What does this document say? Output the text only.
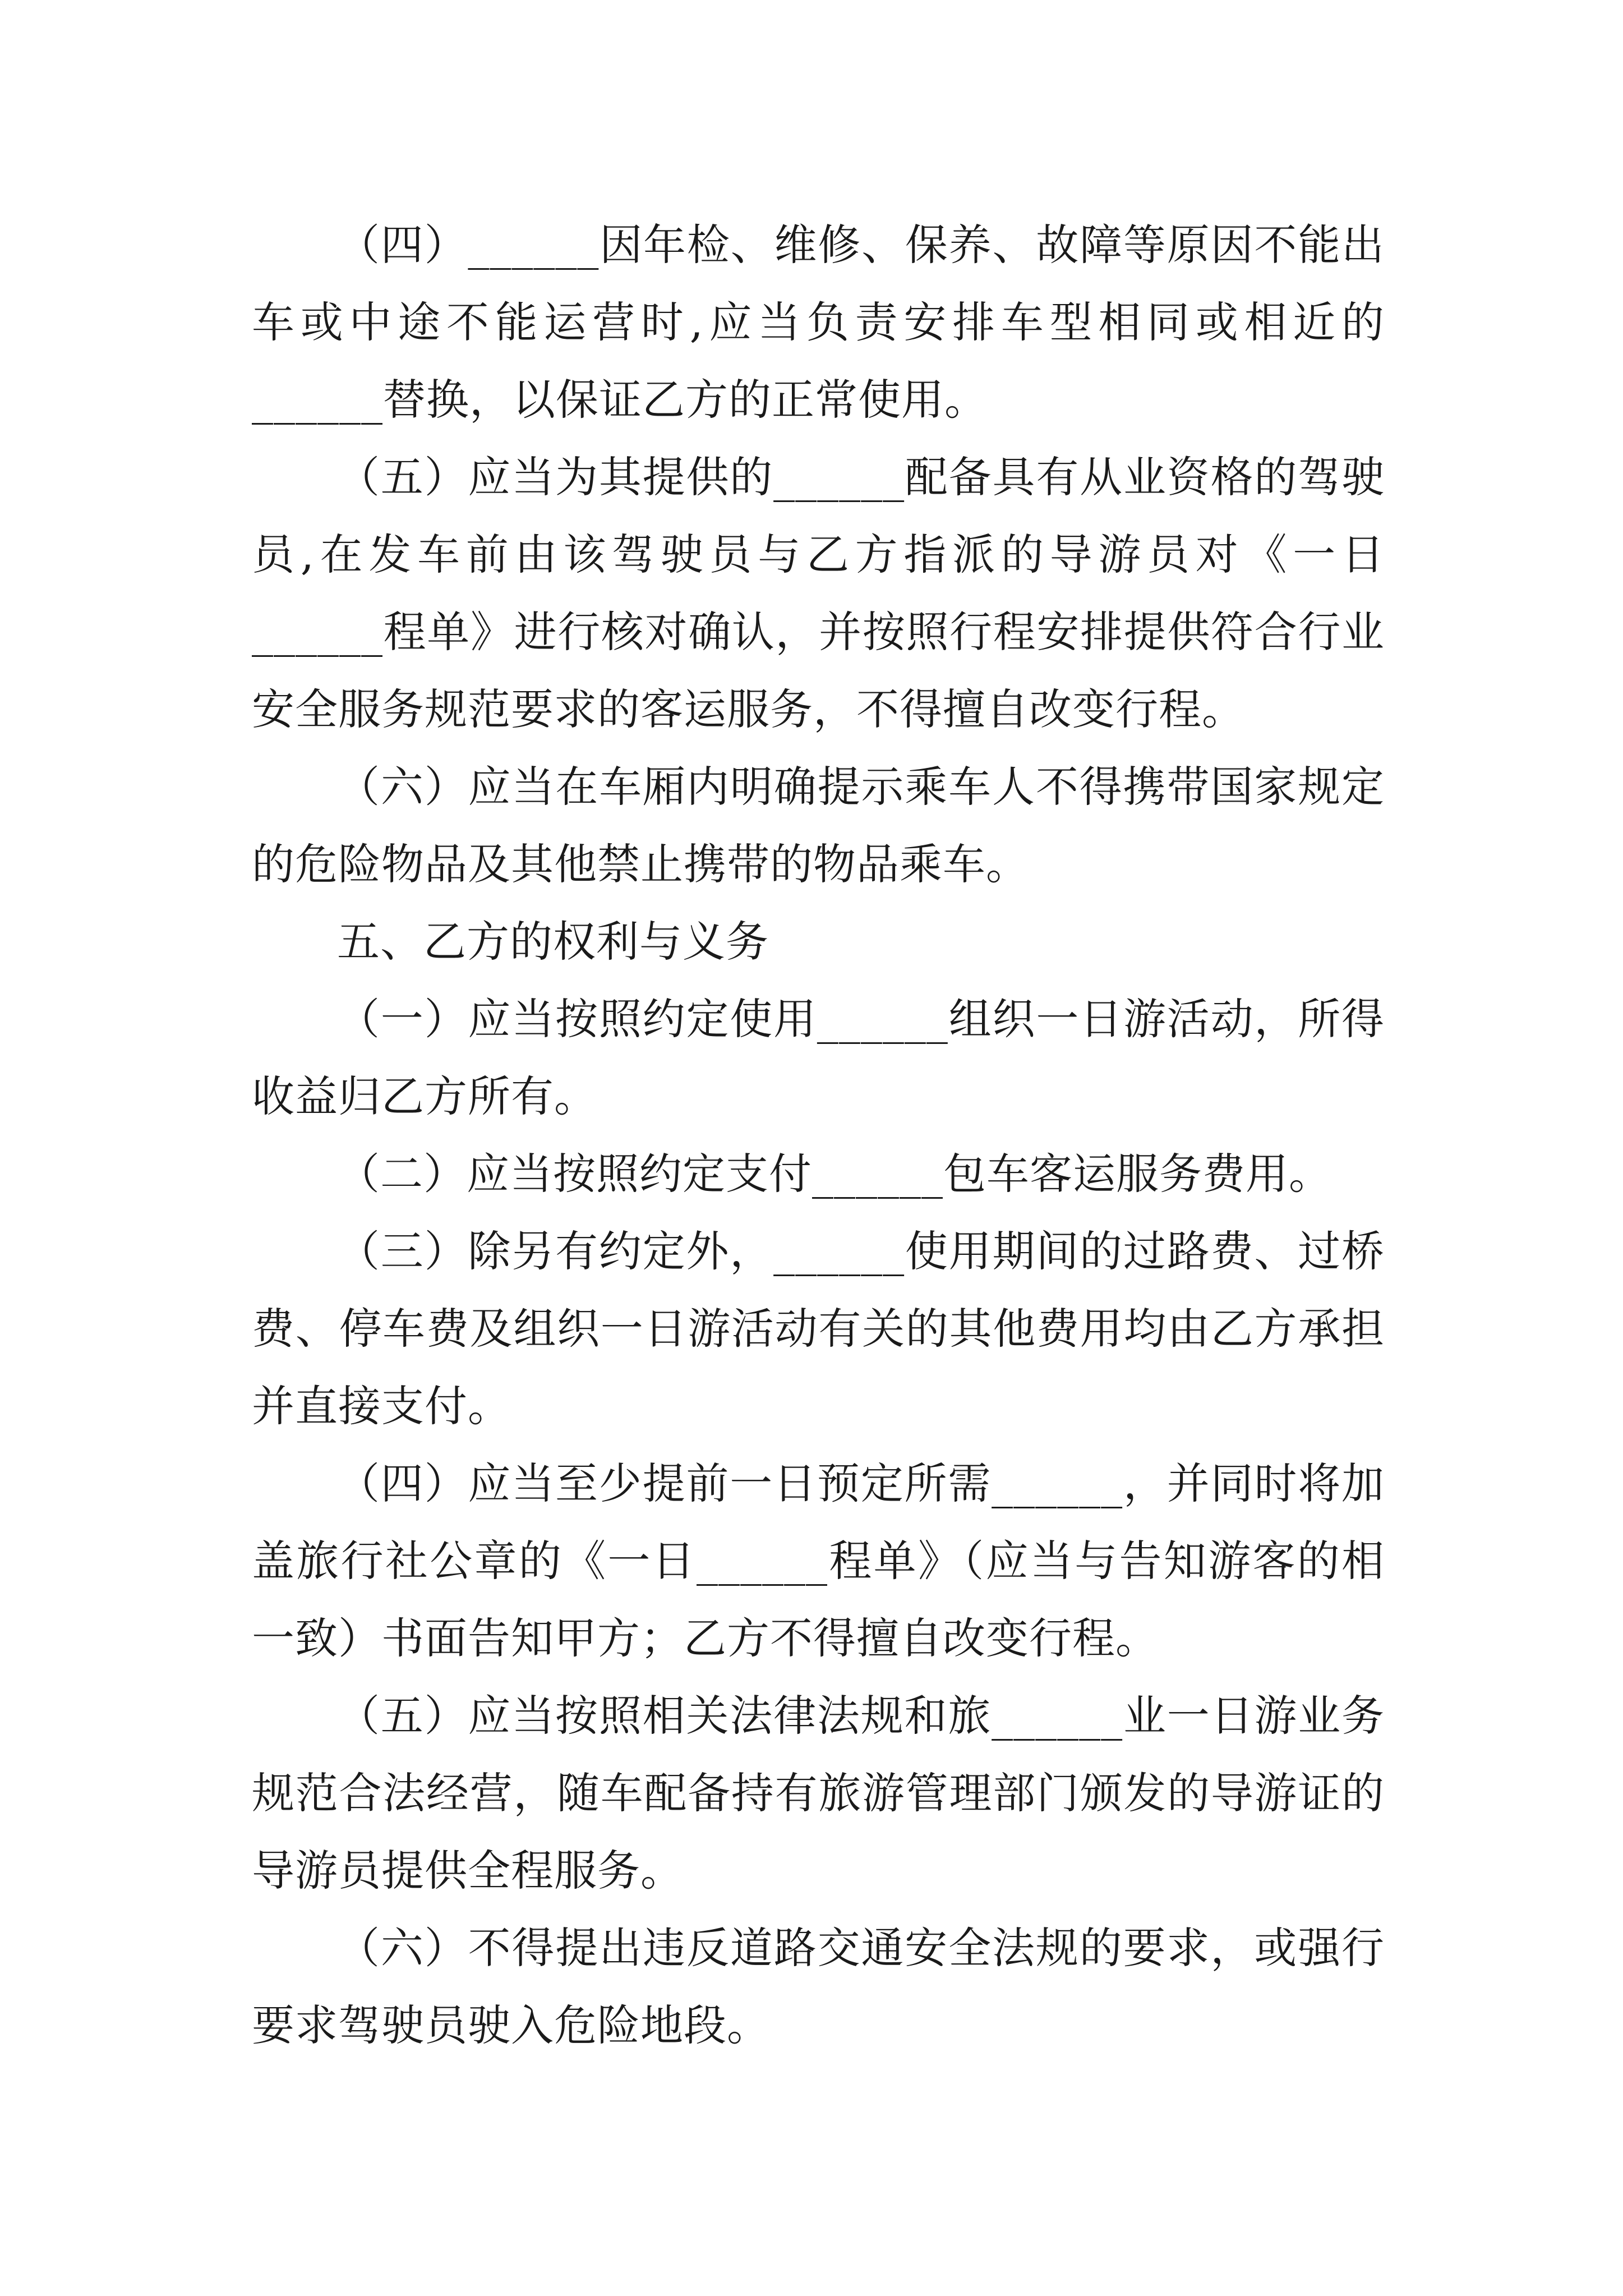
（四）______因年检、维修、保养、故障等原因不能出车或中途不能运营时,应当负责安排车型相同或相近的______替换，以保证乙方的正常使用。

（五）应当为其提供的______配备具有从业资格的驾驶员,在发车前由该驾驶员与乙方指派的导游员对《一日______程单》进行核对确认，并按照行程安排提供符合行业安全服务规范要求的客运服务，不得擅自改变行程。

（六）应当在车厢内明确提示乘车人不得携带国家规定的危险物品及其他禁止携带的物品乘车。

五、乙方的权利与义务

（一）应当按照约定使用______组织一日游活动，所得收益归乙方所有。

（二）应当按照约定支付______包车客运服务费用。

（三）除另有约定外，______使用期间的过路费、过桥费、停车费及组织一日游活动有关的其他费用均由乙方承担并直接支付。

（四）应当至少提前一日预定所需______，并同时将加盖旅行社公章的《一日______程单》（应当与告知游客的相一致）书面告知甲方；乙方不得擅自改变行程。

（五）应当按照相关法律法规和旅______业一日游业务规范合法经营，随车配备持有旅游管理部门颁发的导游证的导游员提供全程服务。

（六）不得提出违反道路交通安全法规的要求，或强行要求驾驶员驶入危险地段。
